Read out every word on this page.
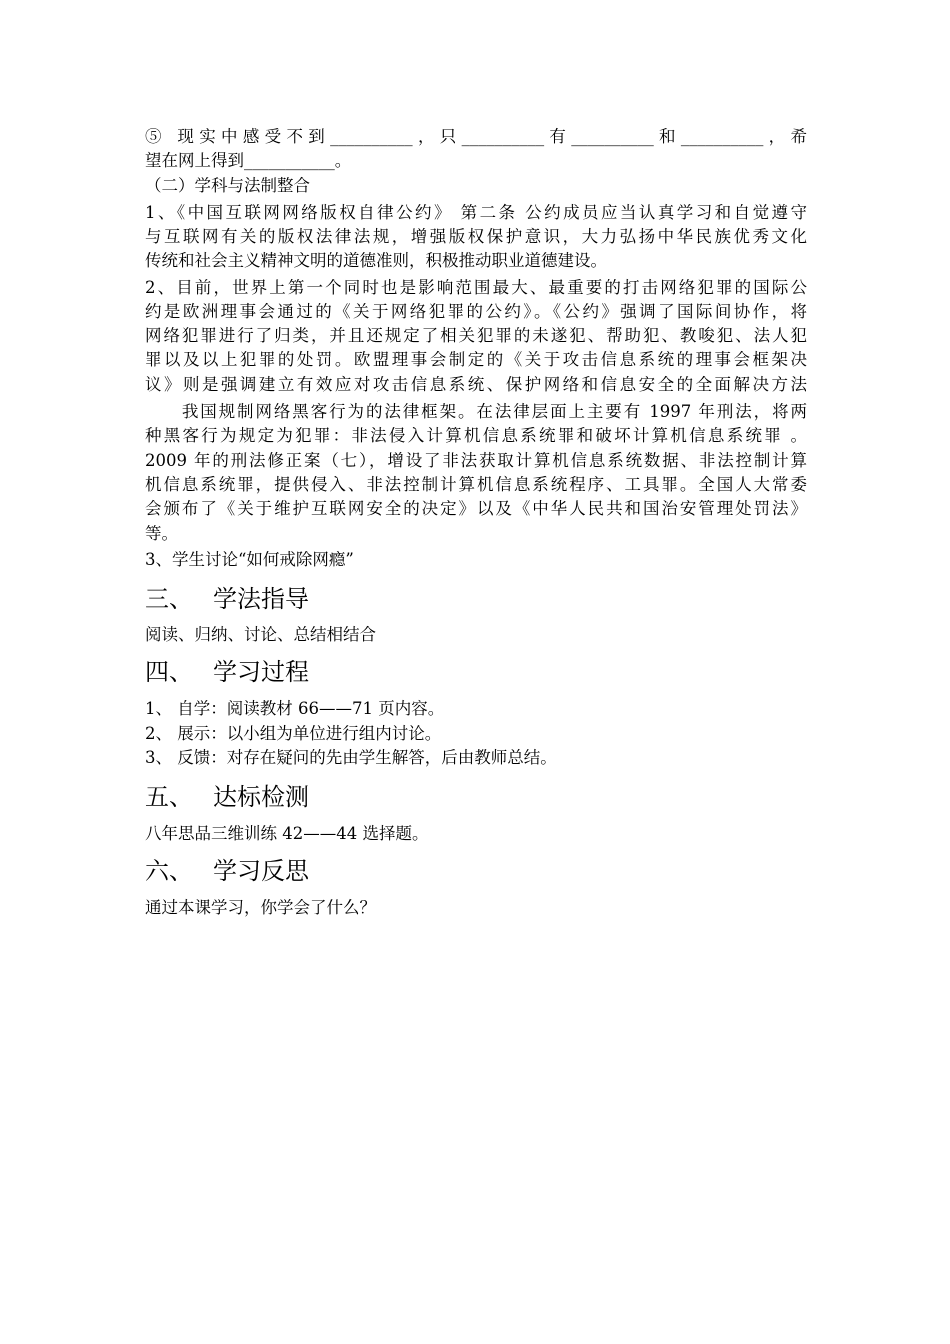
⑤ 现实中感受不到__________，只__________有__________和__________，希
望在网上得到___________。
（二）学科与法制整合
1、《中国互联网网络版权自律公约》 第二条 公约成员应当认真学习和自觉遵守
与互联网有关的版权法律法规，增强版权保护意识，大力弘扬中华民族优秀文化
传统和社会主义精神文明的道德准则，积极推动职业道德建设。
2、目前，世界上第一个同时也是影响范围最大、最重要的打击网络犯罪的国际公
约是欧洲理事会通过的《关于网络犯罪的公约》。《公约》强调了国际间协作，将
网络犯罪进行了归类，并且还规定了相关犯罪的未遂犯、帮助犯、教唆犯、法人犯
罪以及以上犯罪的处罚。欧盟理事会制定的《关于攻击信息系统的理事会框架决
议》则是强调建立有效应对攻击信息系统、保护网络和信息安全的全面解决方法
　　我国规制网络黑客行为的法律框架。在法律层面上主要有 1997 年刑法，将两
种黑客行为规定为犯罪：非法侵入计算机信息系统罪和破坏计算机信息系统罪 。
2009 年的刑法修正案（七），增设了非法获取计算机信息系统数据、非法控制计算
机信息系统罪，提供侵入、非法控制计算机信息系统程序、工具罪。全国人大常委
会颁布了《关于维护互联网安全的决定》以及《中华人民共和国治安管理处罚法》
等。
3、学生讨论“如何戒除网瘾”
三、 学法指导
阅读、归纳、讨论、总结相结合
四、 学习过程
1、 自学：阅读教材 66——71 页内容。
2、 展示：以小组为单位进行组内讨论。
3、 反馈：对存在疑问的先由学生解答，后由教师总结。
五、 达标检测
八年思品三维训练 42——44 选择题。
六、 学习反思
通过本课学习，你学会了什么？
